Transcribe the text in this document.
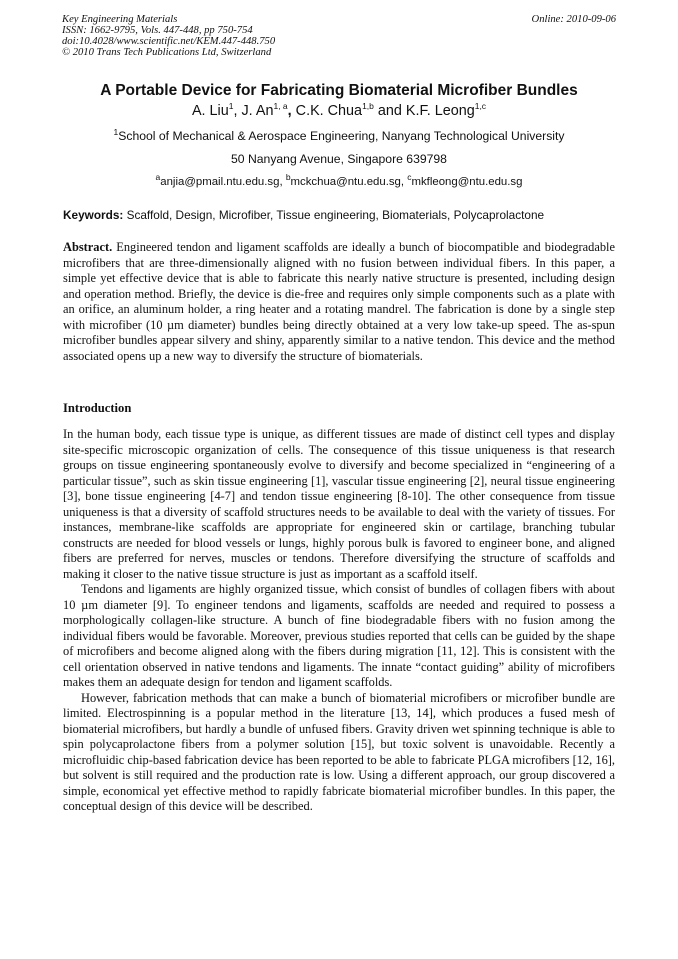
Key Engineering Materials
ISSN: 1662-9795, Vols. 447-448, pp 750-754
doi:10.4028/www.scientific.net/KEM.447-448.750
© 2010 Trans Tech Publications Ltd, Switzerland
Online: 2010-09-06
A Portable Device for Fabricating Biomaterial Microfiber Bundles
A. Liu$^1$, J. An$^{1, a}$, C.K. Chua$^{1,b}$ and K.F. Leong$^{1,c}$
$^1$School of Mechanical & Aerospace Engineering, Nanyang Technological University
50 Nanyang Avenue, Singapore 639798
$^a$anjia@pmail.ntu.edu.sg, $^b$mckchua@ntu.edu.sg, $^c$mkfleong@ntu.edu.sg
Keywords: Scaffold, Design, Microfiber, Tissue engineering, Biomaterials, Polycaprolactone

Abstract. Engineered tendon and ligament scaffolds are ideally a bunch of biocompatible and biodegradable microfibers that are three-dimensionally aligned with no fusion between individual fibers. In this paper, a simple yet effective device that is able to fabricate this nearly native structure is presented, including design and operation method. Briefly, the device is die-free and requires only simple components such as a plate with an orifice, an aluminum holder, a ring heater and a rotating mandrel. The fabrication is done by a single step with microfiber (10 µm diameter) bundles being directly obtained at a very low take-up speed. The as-spun microfiber bundles appear silvery and shiny, apparently similar to a native tendon. This device and the method associated opens up a new way to diversify the structure of biomaterials.

Introduction

In the human body, each tissue type is unique, as different tissues are made of distinct cell types and display site-specific microscopic organization of cells. The consequence of this tissue uniqueness is that research groups on tissue engineering spontaneously evolve to diversify and become specialized in “engineering of a particular tissue”, such as skin tissue engineering [1], vascular tissue engineering [2], neural tissue engineering [3], bone tissue engineering [4-7] and tendon tissue engineering [8-10]. The other consequence from tissue uniqueness is that a diversity of scaffold structures needs to be available to deal with the variety of tissues. For instances, membrane-like scaffolds are appropriate for engineered skin or cartilage, branching tubular constructs are needed for blood vessels or lungs, highly porous bulk is favored to engineer bone, and aligned fibers are preferred for nerves, muscles or tendons. Therefore diversifying the structure of scaffolds and making it closer to the native tissue structure is just as important as a scaffold itself.

Tendons and ligaments are highly organized tissue, which consist of bundles of collagen fibers with about 10 µm diameter [9]. To engineer tendons and ligaments, scaffolds are needed and required to possess a morphologically collagen-like structure. A bunch of fine biodegradable fibers with no fusion among the individual fibers would be favorable. Moreover, previous studies reported that cells can be guided by the shape of microfibers and become aligned along with the fibers during migration [11, 12]. This is consistent with the cell orientation observed in native tendons and ligaments. The innate “contact guiding” ability of microfibers makes them an adequate design for tendon and ligament scaffolds.

However, fabrication methods that can make a bunch of biomaterial microfibers or microfiber bundle are limited. Electrospinning is a popular method in the literature [13, 14], which produces a fused mesh of biomaterial microfibers, but hardly a bundle of unfused fibers. Gravity driven wet spinning technique is able to spin polycaprolactone fibers from a polymer solution [15], but toxic solvent is unavoidable. Recently a microfluidic chip-based fabrication device has been reported to be able to fabricate PLGA microfibers [12, 16], but solvent is still required and the production rate is low. Using a different approach, our group discovered a simple, economical yet effective method to rapidly fabricate biomaterial microfiber bundles. In this paper, the conceptual design of this device will be described.
